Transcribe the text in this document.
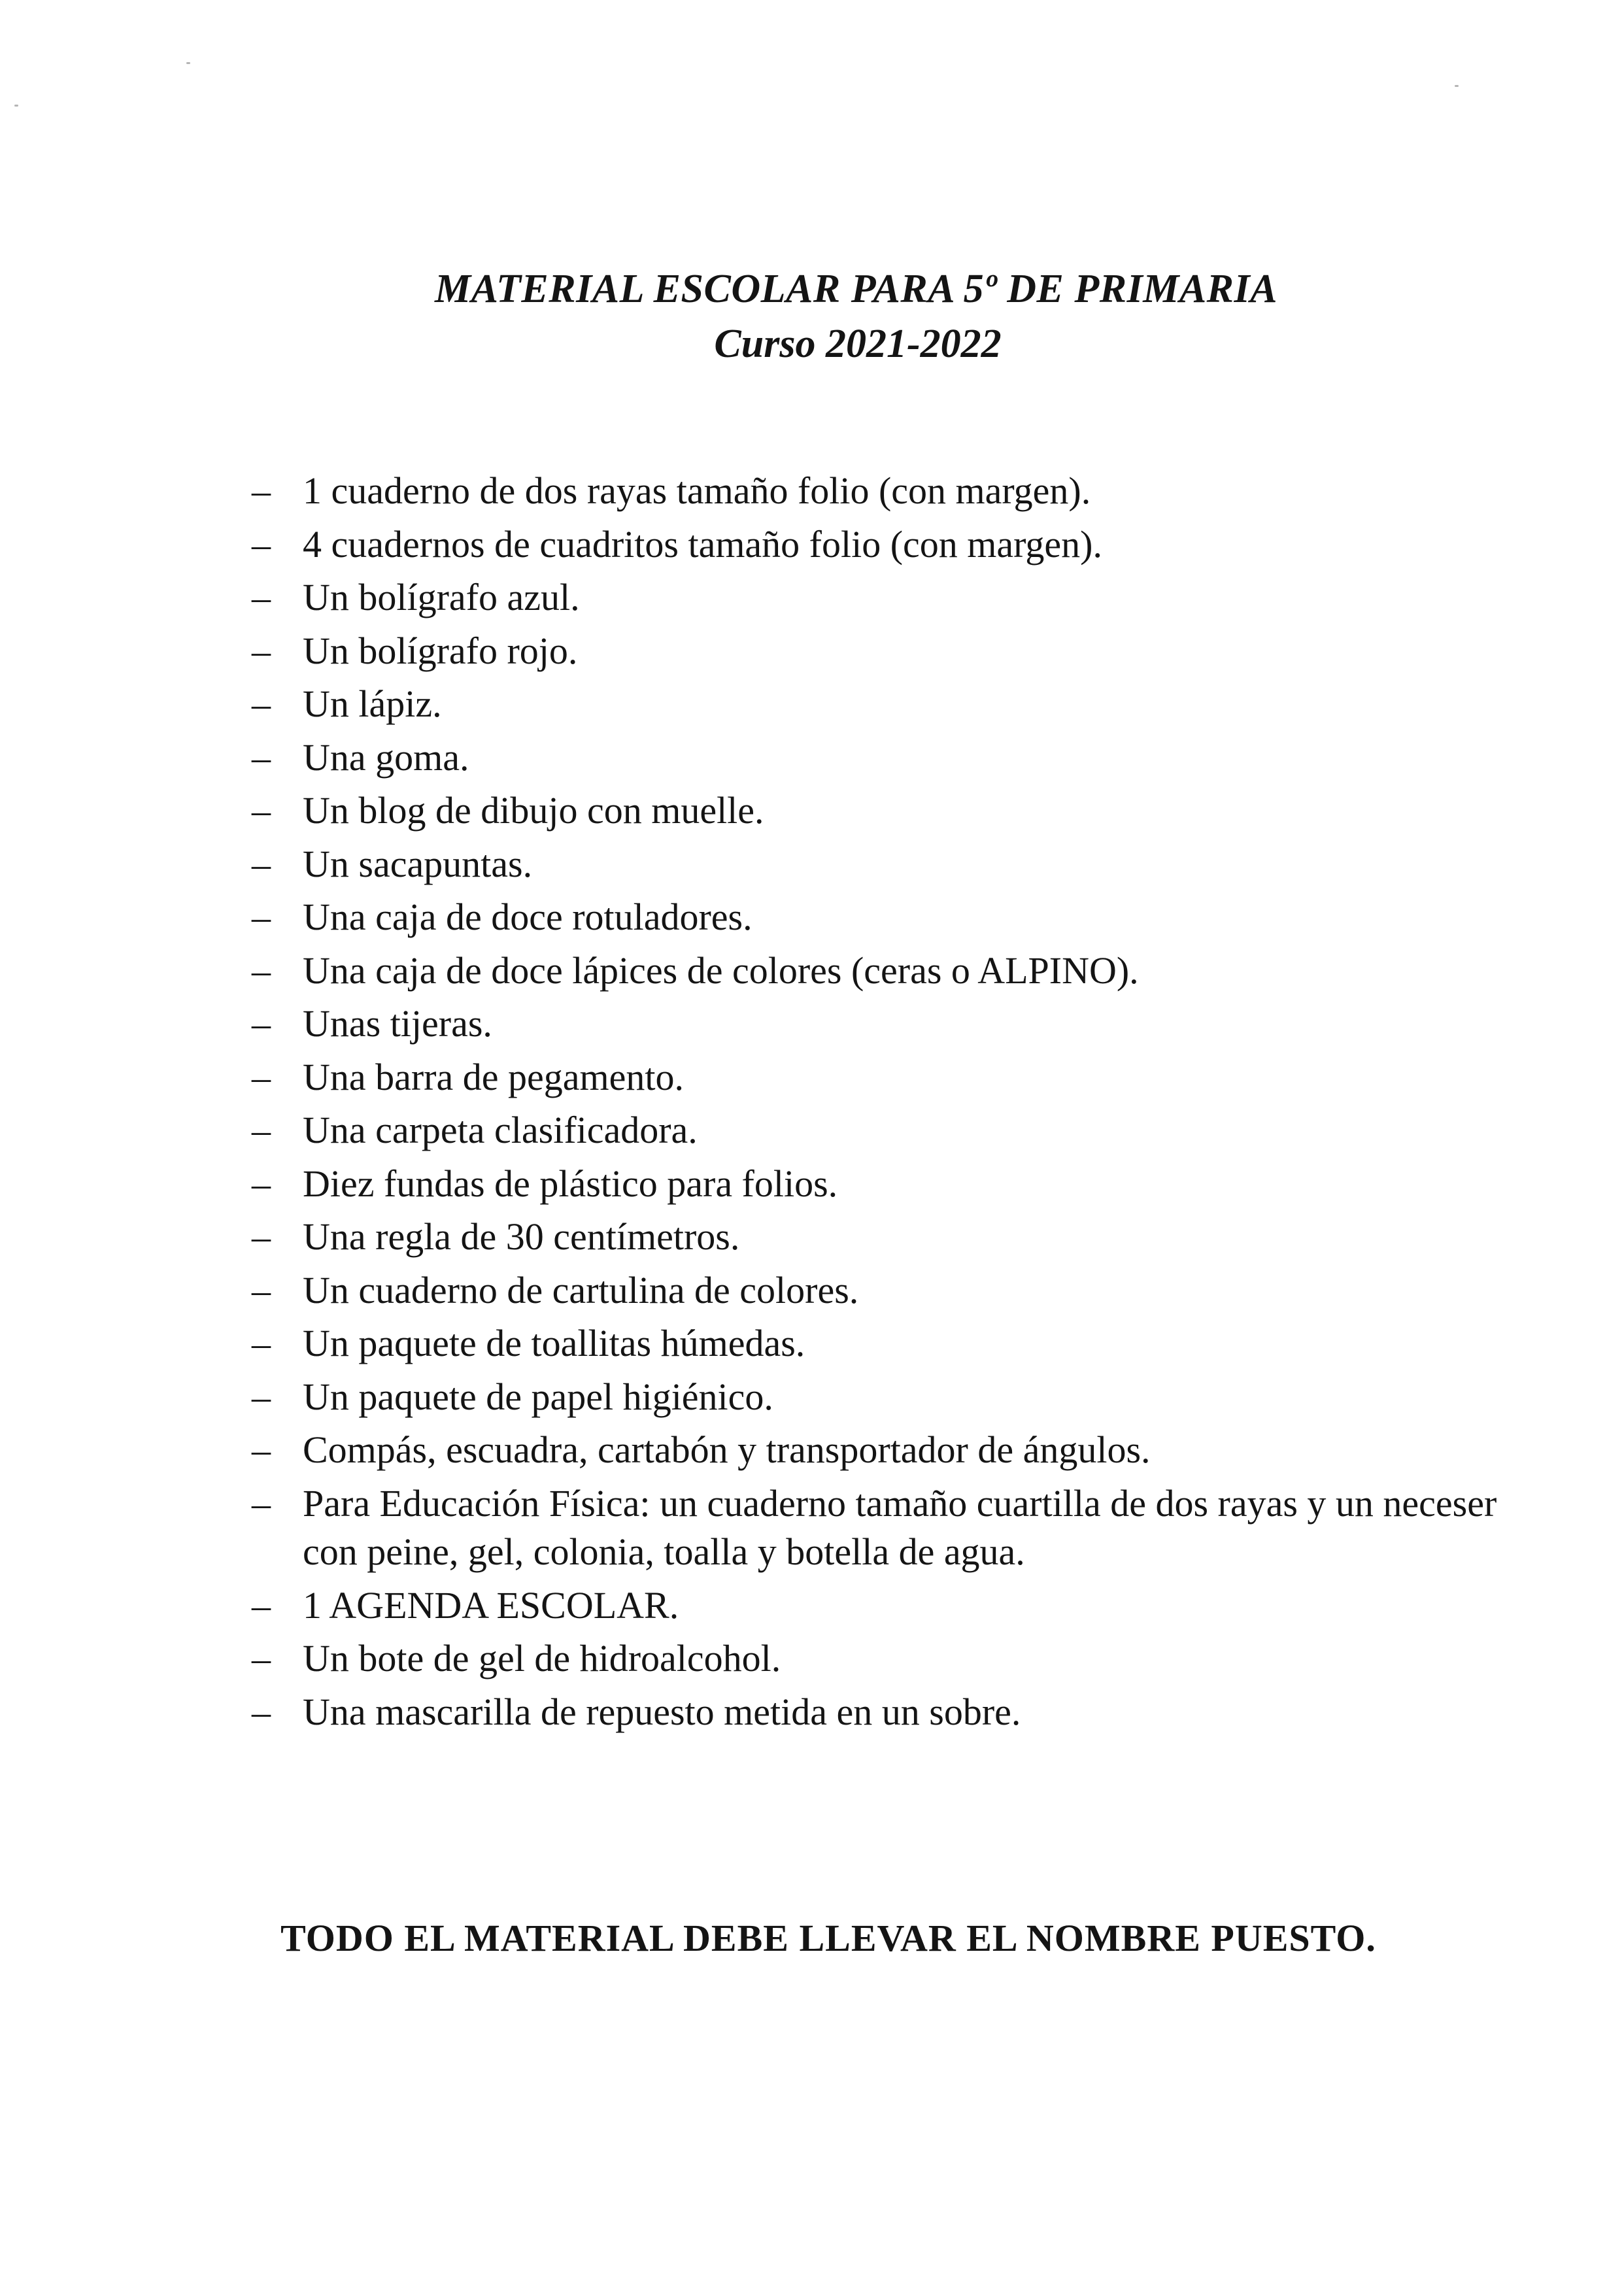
MATERIAL ESCOLAR PARA 5º DE PRIMARIA
Curso 2021-2022
– 1 cuaderno de dos rayas tamaño folio (con margen).
– 4 cuadernos de cuadritos tamaño folio (con margen).
– Un bolígrafo azul.
– Un bolígrafo rojo.
– Un lápiz.
– Una goma.
– Un blog de dibujo con muelle.
– Un sacapuntas.
– Una caja de doce rotuladores.
– Una caja de doce lápices de colores (ceras o ALPINO).
– Unas tijeras.
– Una barra de pegamento.
– Una carpeta clasificadora.
– Diez fundas de plástico para folios.
– Una regla de 30 centímetros.
– Un cuaderno de cartulina de colores.
– Un paquete de toallitas húmedas.
– Un paquete de papel higiénico.
– Compás, escuadra, cartabón y transportador de ángulos.
– Para Educación Física: un cuaderno tamaño cuartilla de dos rayas y un neceser con peine, gel, colonia, toalla y botella de agua.
– 1 AGENDA ESCOLAR.
– Un bote de gel de hidroalcohol.
– Una mascarilla de repuesto metida en un sobre.
TODO EL MATERIAL DEBE LLEVAR EL NOMBRE PUESTO.
